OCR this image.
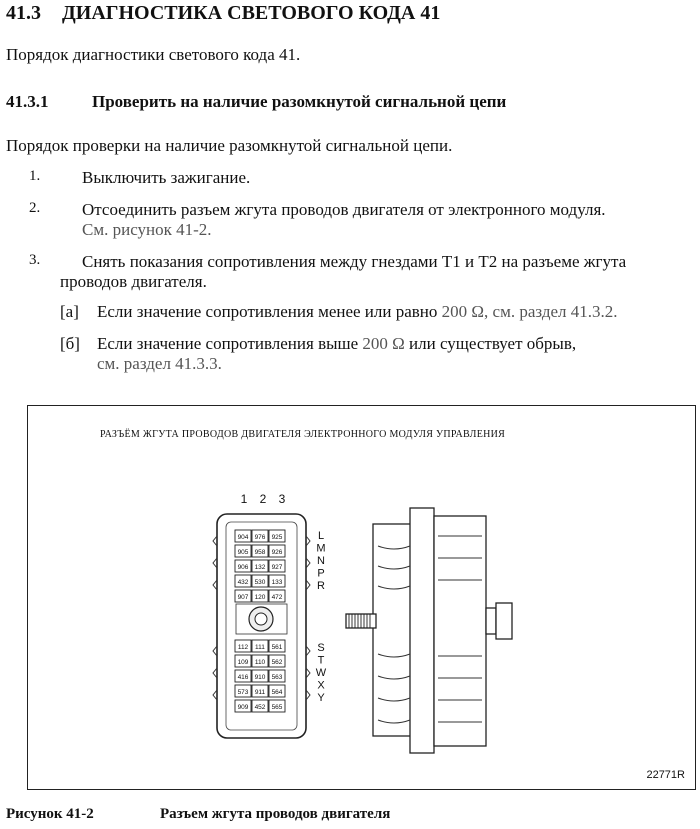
41.3 ДИАГНОСТИКА СВЕТОВОГО КОДА 41
Порядок диагностики светового кода 41.
41.3.1	Проверить на наличие разомкнутой сигнальной цепи
Порядок проверки на наличие разомкнутой сигнальной цепи.
1.	Выключить зажигание.
2.	Отсоединить разъем жгута проводов двигателя от электронного модуля.
См. рисунок 41-2.
3.	Снять показания сопротивления между гнездами T1 и T2 на разъеме жгута
проводов двигателя.
[a] Если значение сопротивления менее или равно 200 Ω, см. раздел 41.3.2.
[б] Если значение сопротивления выше 200 Ω или существует обрыв,
см. раздел 41.3.3.
РАЗЪЁМ ЖГУТА ПРОВОДОВ ДВИГАТЕЛЯ ЭЛЕКТРОННОГО МОДУЛЯ УПРАВЛЕНИЯ
22771R
1 2 3
904 976 925
905 958 926
906 132 927
432 530 133
907 120 472
112 111 561
109 110 562
416 910 563
573 911 564
909 452 565
L
M
N
P
R
S
T
W
X
Y
Рисунок 41-2	Разъем жгута проводов двигателя
